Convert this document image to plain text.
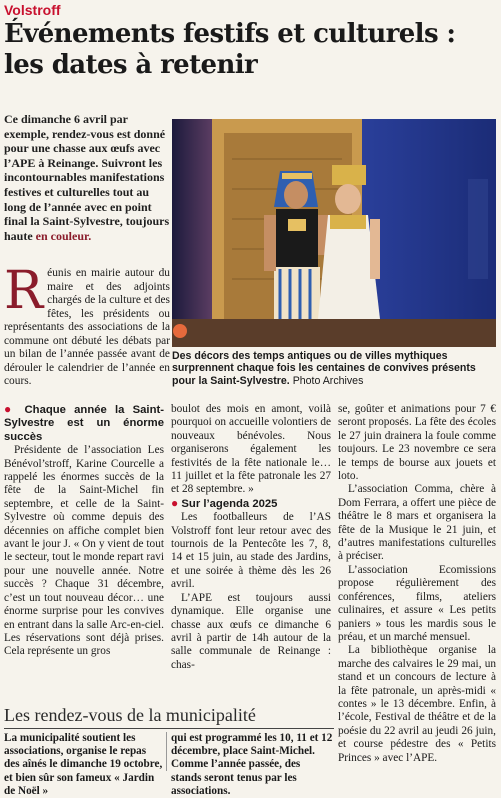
Volstroff
Événements festifs et culturels :
les dates à retenir
Ce dimanche 6 avril par exemple, rendez-vous est donné pour une chasse aux œufs avec l’APE à Reinange. Suivront les incontournables manifestations festives et culturelles tout au long de l’année avec en point final la Saint-Sylvestre, toujours haute en couleur.
Des décors des temps antiques ou de villes mythiques surprennent chaque fois les centaines de convives présents pour la Saint-Sylvestre. Photo Archives
R éunis en mairie autour du maire et des adjoints chargés de la culture et des fêtes, les présidents ou représentants des associations de la commune ont débuté les débats par un bilan de l’année passée avant de dérouler le calendrier de l’année en cours.
● Chaque année la Saint-Sylvestre est un énorme succès

Présidente de l’association Les Bénévol’stroff, Karine Courcelle a rappelé les énormes succès de la fête de la Saint-Michel fin septembre, et celle de la Saint-Sylvestre où comme depuis des décennies on affiche complet bien avant le jour J. « On y vient de tout le secteur, tout le monde repart ravi pour une nouvelle année. Notre succès ? Chaque 31 décembre, c’est un tout nouveau décor… une énorme surprise pour les convives en entrant dans la salle Arc-en-ciel. Les réservations sont déjà prises. Cela représente un gros

boulot des mois en amont, voilà pourquoi on accueille volontiers de nouveaux bénévoles. Nous organiserons également les festivités de la fête nationale le… 11 juillet et la fête patronale les 27 et 28 septembre. »

● Sur l’agenda 2025

Les footballeurs de l’AS Volstroff font leur retour avec des tournois de la Pentecôte les 7, 8, 14 et 15 juin, au stade des Jardins, et une soirée à thème dès les 26 avril.

L’APE est toujours aussi dynamique. Elle organise une chasse aux œufs ce dimanche 6 avril à partir de 14h autour de la salle communale de Reinange : chas-

se, goûter et animations pour 7 € seront proposés. La fête des écoles le 27 juin drainera la foule comme toujours. Le 23 novembre ce sera le temps de bourse aux jouets et loto.

L’association Comma, chère à Dom Ferrara, a offert une pièce de théâtre le 8 mars et organisera la fête de la Musique le 21 juin, et d’autres manifestations culturelles à préciser.

L’association Ecomissions propose régulièrement des conférences, films, ateliers culinaires, et assure « Les petits paniers » tous les mardis sous le préau, et un marché mensuel.

La bibliothèque organise la marche des calvaires le 29 mai, un stand et un concours de lecture à la fête patronale, un après-midi « contes » le 13 décembre. Enfin, à l’école, Festival de théâtre et de la poésie du 22 avril au jeudi 26 juin, et course pédestre des « Petits Princes » avec l’APE.

Les rendez-vous de la municipalité
La municipalité soutient les associations, organise le repas des aînés le dimanche 19 octobre, et bien sûr son fameux « Jardin de Noël »
qui est programmé les 10, 11 et 12 décembre, place Saint-Michel. Comme l’année passée, des stands seront tenus par les associations.
